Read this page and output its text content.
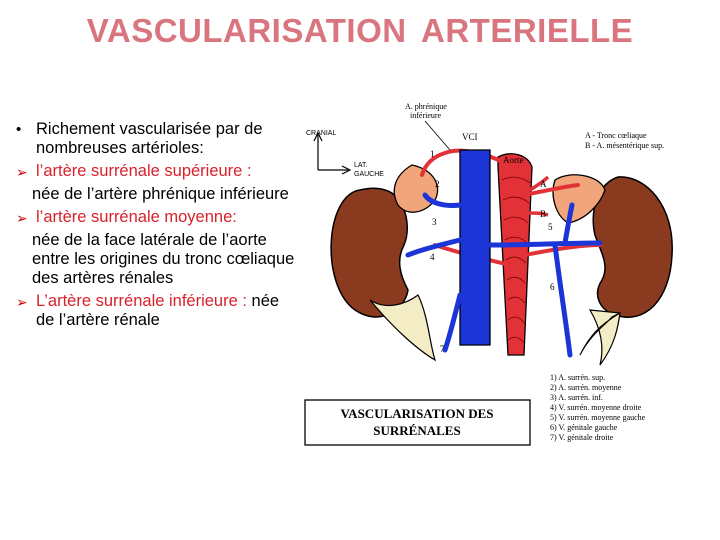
VASCULARISATION ARTERIELLE
• Richement vascularisée par de nombreuses artérioles:
➢ l’artère surrénale supérieure :
née de l’artère phrénique inférieure
➢ l’artère surrénale moyenne:
née de la face latérale de l’aorte entre les origines du tronc cœliaque des artères rénales
➢ L’artère surrénale inférieure : née de l’artère rénale
CRANIAL
LAT.
GAUCHE
A. phrénique
inférieure
VCI
Aorte
A
B
A - Tronc cœliaque
B - A. mésentérique sup.
1
2
3
4
5
6
7
VASCULARISATION DES
SURRÉNALES
1) A. surrén. sup.
2) A. surrén. moyenne
3) A. surrén. inf.
4) V. surrén. moyenne droite
5) V. surrén. moyenne gauche
6) V. génitale gauche
7) V. génitale droite
